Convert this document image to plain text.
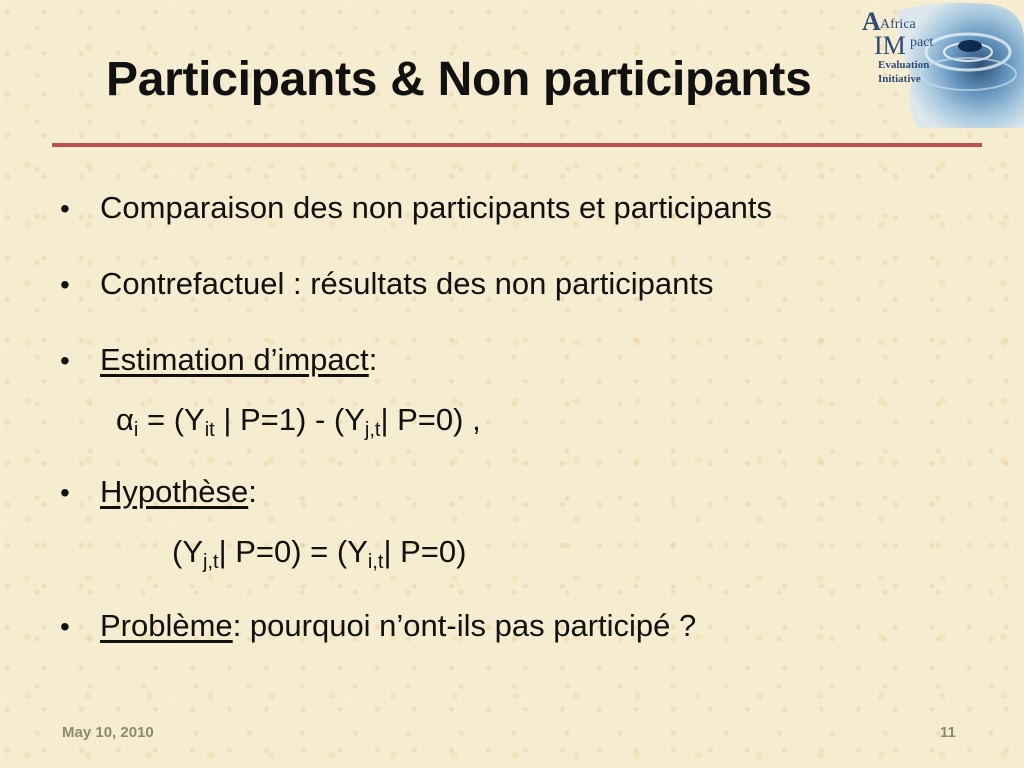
A Africa
IM pact
Evaluation
Initiative
Participants & Non participants
• Comparaison des non participants et participants
• Contrefactuel : résultats des non participants
• Estimation d’impact :
• Hypothèse :
• Problème : pourquoi n’ont-ils pas participé ?
$\alpha_i = (Y_{it}$ | $P=1) - (Y_{j,t}|$ P=0) ,
($Y_{j,t}|$ $P=0) = (Y_{i,t}|$ P=0)
May 10, 2010	11
